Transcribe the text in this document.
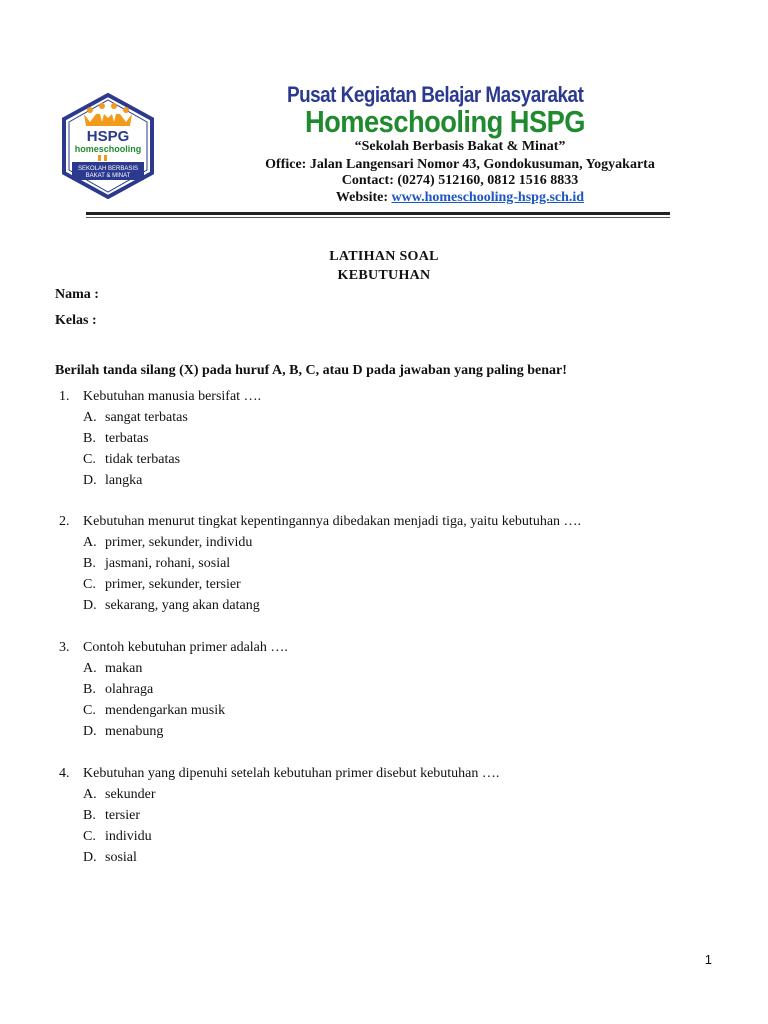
HSPG
homeschooling
SEKOLAH BERBASIS
BAKAT & MINAT
Pusat Kegiatan Belajar Masyarakat
Homeschooling HSPG
“Sekolah Berbasis Bakat & Minat”
Office: Jalan Langensari Nomor 43, Gondokusuman, Yogyakarta
Contact: (0274) 512160, 0812 1516 8833
Website: www.homeschooling-hspg.sch.id
LATIHAN SOAL
KEBUTUHAN
Nama :
Kelas :
Berilah tanda silang (X) pada huruf A, B, C, atau D pada jawaban yang paling benar!
1. Kebutuhan manusia bersifat ….
A. sangat terbatas
B. terbatas
C. tidak terbatas
D. langka
2. Kebutuhan menurut tingkat kepentingannya dibedakan menjadi tiga, yaitu kebutuhan ….
A. primer, sekunder, individu
B. jasmani, rohani, sosial
C. primer, sekunder, tersier
D. sekarang, yang akan datang
3. Contoh kebutuhan primer adalah ….
A. makan
B. olahraga
C. mendengarkan musik
D. menabung
4. Kebutuhan yang dipenuhi setelah kebutuhan primer disebut kebutuhan ….
A. sekunder
B. tersier
C. individu
D. sosial
1
